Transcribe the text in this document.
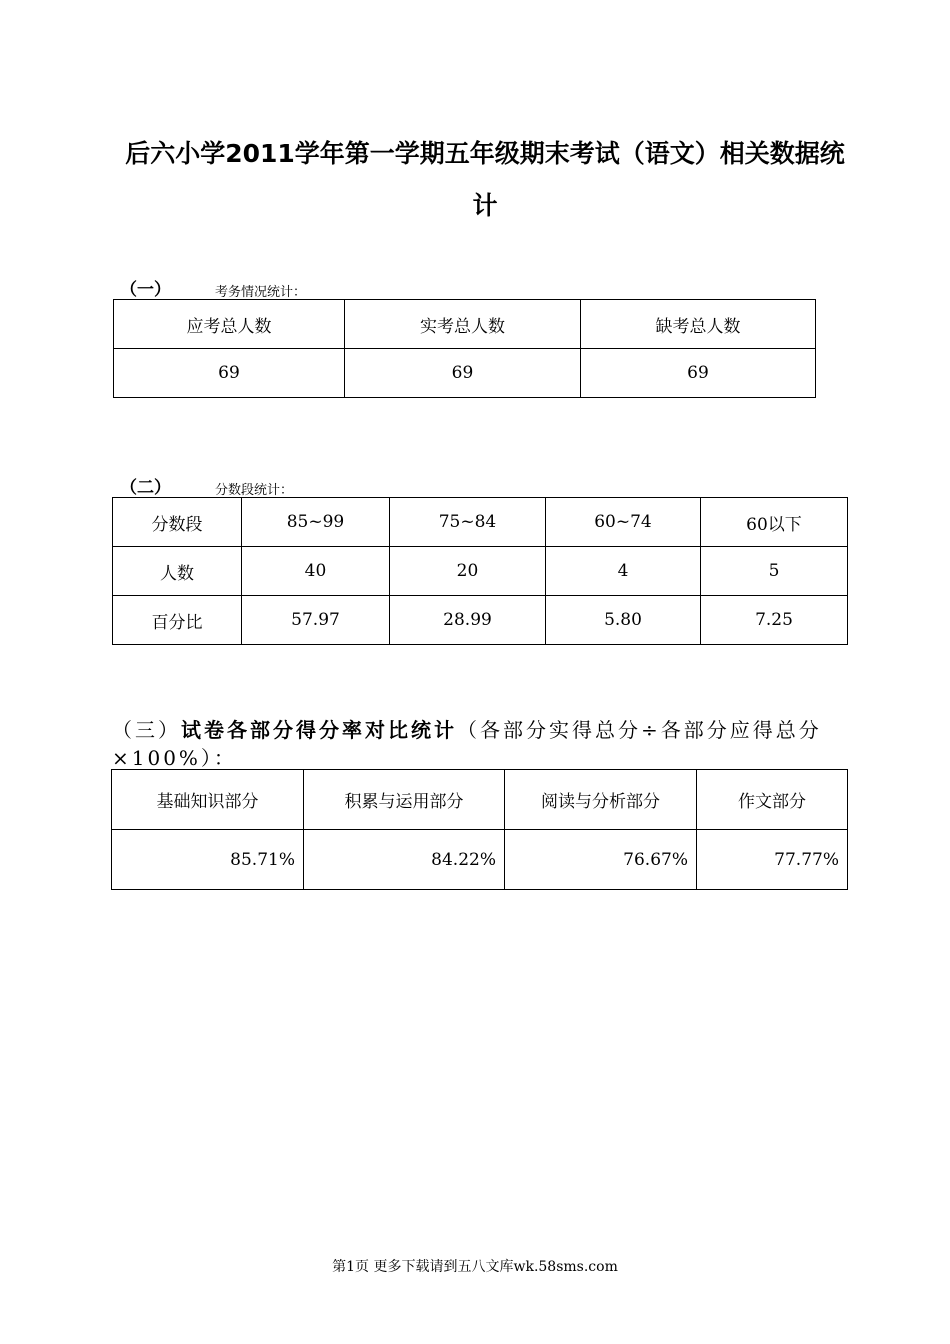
后六小学2011学年第一学期五年级期末考试（语文）相关数据统
计
（一）	考务情况统计：
应考总人数	实考总人数	缺考总人数
69	69	69
（二）	分数段统计：
分数段	85~99	75~84	60~74	60以下
人数	40	20	4	5
百分比	57.97	28.99	5.80	7.25
（三）试卷各部分得分率对比统计（各部分实得总分÷各部分应得总分×100%）：
基础知识部分	积累与运用部分	阅读与分析部分	作文部分
85.71%	84.22%	76.67%	77.77%
第1页 更多下载请到五八文库wk.58sms.com
